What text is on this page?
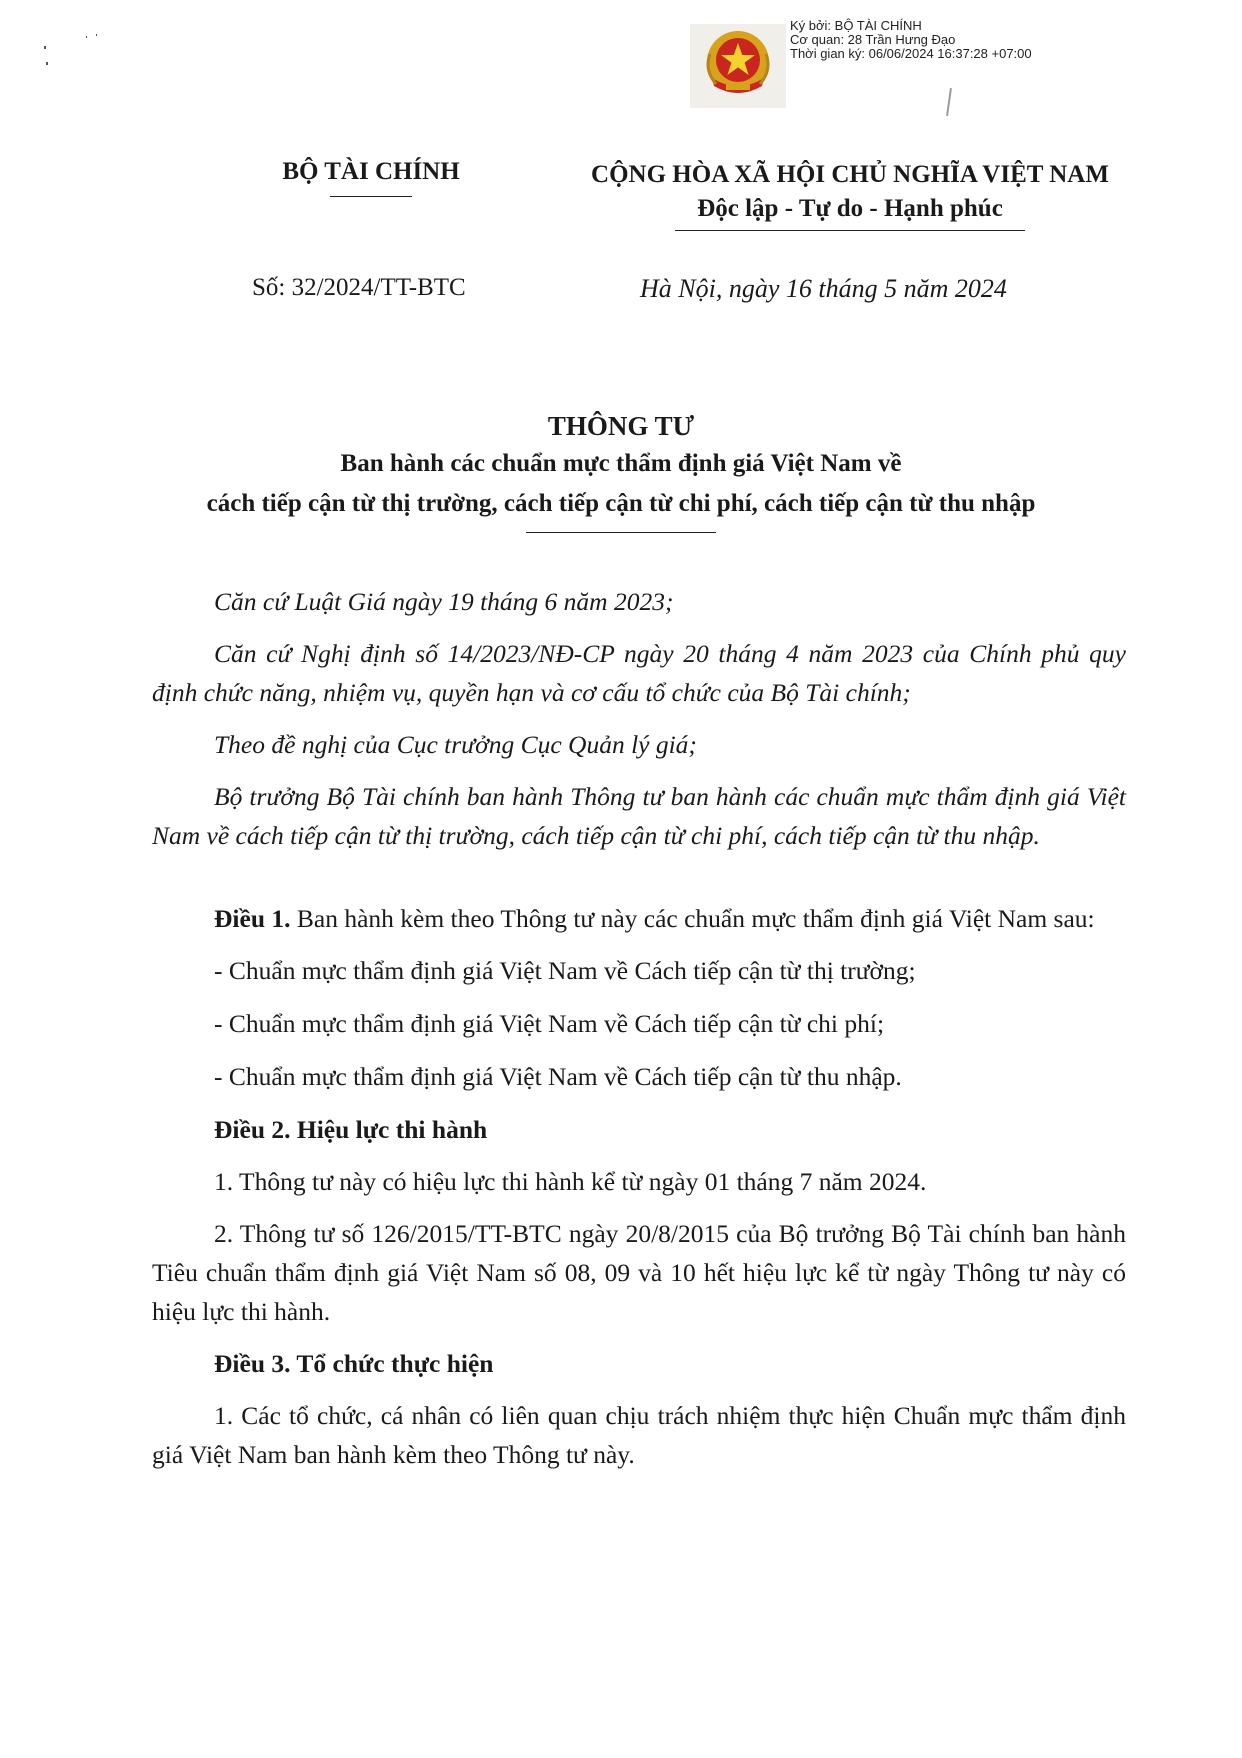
Ký bởi: BỘ TÀI CHÍNH
Cơ quan: 28 Trần Hưng Đạo
Thời gian ký: 06/06/2024 16:37:28 +07:00
BỘ TÀI CHÍNH	CỘNG HÒA XÃ HỘI CHỦ NGHĨA VIỆT NAM
Độc lập - Tự do - Hạnh phúc
Số: 32/2024/TT-BTC	Hà Nội, ngày 16 tháng 5 năm 2024
THÔNG TƯ
Ban hành các chuẩn mực thẩm định giá Việt Nam về
cách tiếp cận từ thị trường, cách tiếp cận từ chi phí, cách tiếp cận từ thu nhập

Căn cứ Luật Giá ngày 19 tháng 6 năm 2023;

Căn cứ Nghị định số 14/2023/NĐ-CP ngày 20 tháng 4 năm 2023 của Chính phủ quy định chức năng, nhiệm vụ, quyền hạn và cơ cấu tổ chức của Bộ Tài chính;

Theo đề nghị của Cục trưởng Cục Quản lý giá;

Bộ trưởng Bộ Tài chính ban hành Thông tư ban hành các chuẩn mực thẩm định giá Việt Nam về cách tiếp cận từ thị trường, cách tiếp cận từ chi phí, cách tiếp cận từ thu nhập.

Điều 1. Ban hành kèm theo Thông tư này các chuẩn mực thẩm định giá Việt Nam sau:

- Chuẩn mực thẩm định giá Việt Nam về Cách tiếp cận từ thị trường;

- Chuẩn mực thẩm định giá Việt Nam về Cách tiếp cận từ chi phí;

- Chuẩn mực thẩm định giá Việt Nam về Cách tiếp cận từ thu nhập.

Điều 2. Hiệu lực thi hành

1. Thông tư này có hiệu lực thi hành kể từ ngày 01 tháng 7 năm 2024.

2. Thông tư số 126/2015/TT-BTC ngày 20/8/2015 của Bộ trưởng Bộ Tài chính ban hành Tiêu chuẩn thẩm định giá Việt Nam số 08, 09 và 10 hết hiệu lực kể từ ngày Thông tư này có hiệu lực thi hành.

Điều 3. Tổ chức thực hiện

1. Các tổ chức, cá nhân có liên quan chịu trách nhiệm thực hiện Chuẩn mực thẩm định giá Việt Nam ban hành kèm theo Thông tư này.
